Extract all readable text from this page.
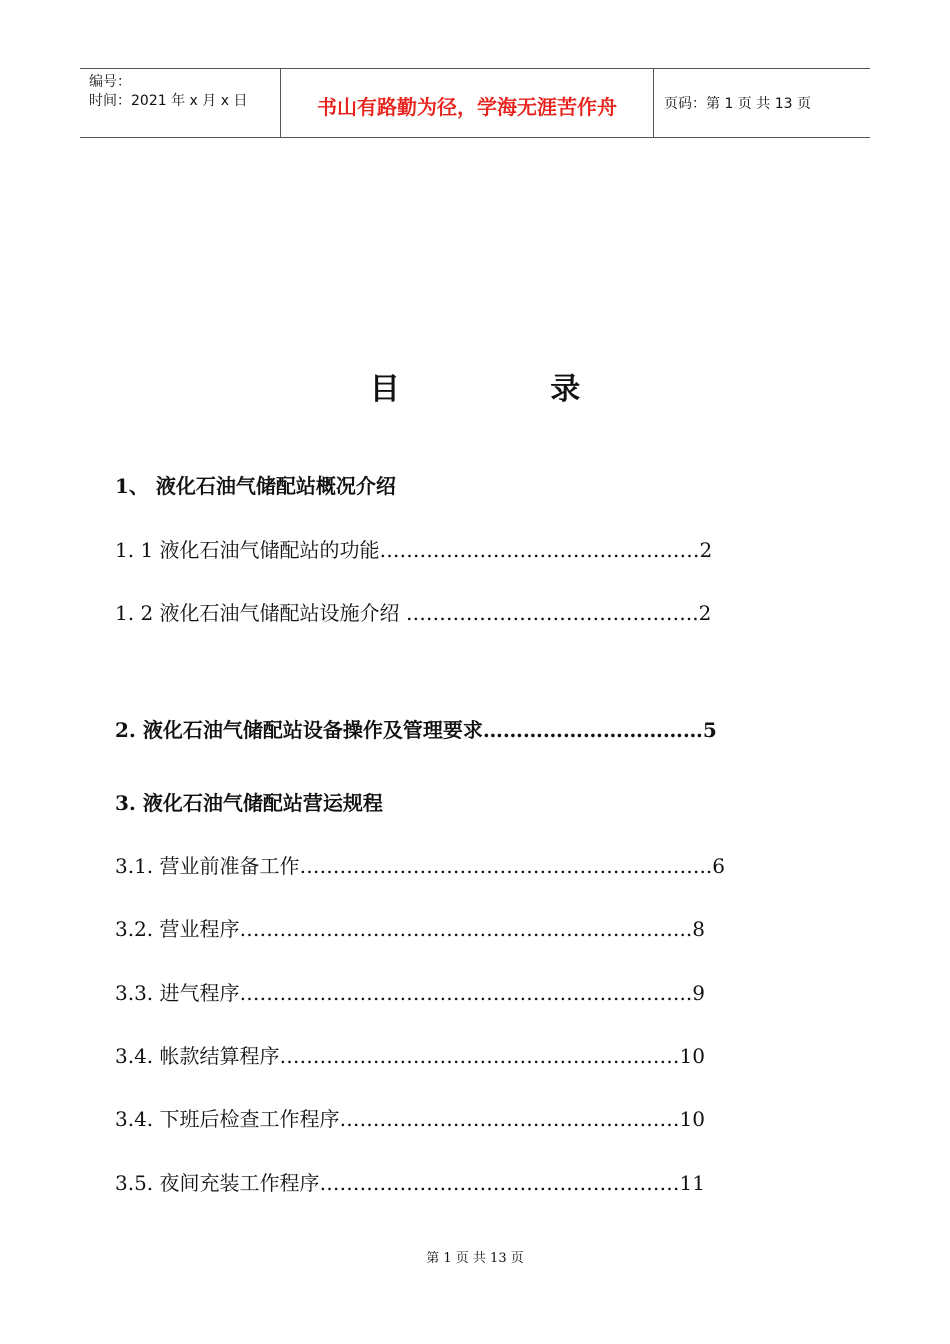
编号：
时间：2021 年 x 月 x 日	书山有路勤为径，学海无涯苦作舟	页码：第 1 页 共 13 页
目 录
1、 液化石油气储配站概况介绍
1. 1 液化石油气储配站的功能…………………………………………2
1. 2 液化石油气储配站设施介绍 ……………………………………..2
2. 液化石油气储配站设备操作及管理要求……………………………5
3. 液化石油气储配站营运规程
3.1. 营业前准备工作……………………………………………………..6
3.2. 营业程序…………………………………………………………..8
3.3. 进气程序…………………………………………………………..9
3.4. 帐款结算程序……………………………………………………10
3.4. 下班后检查工作程序……………………………………………10
3.5. 夜间充装工作程序………………………………………………11
第 1 页 共 13 页
